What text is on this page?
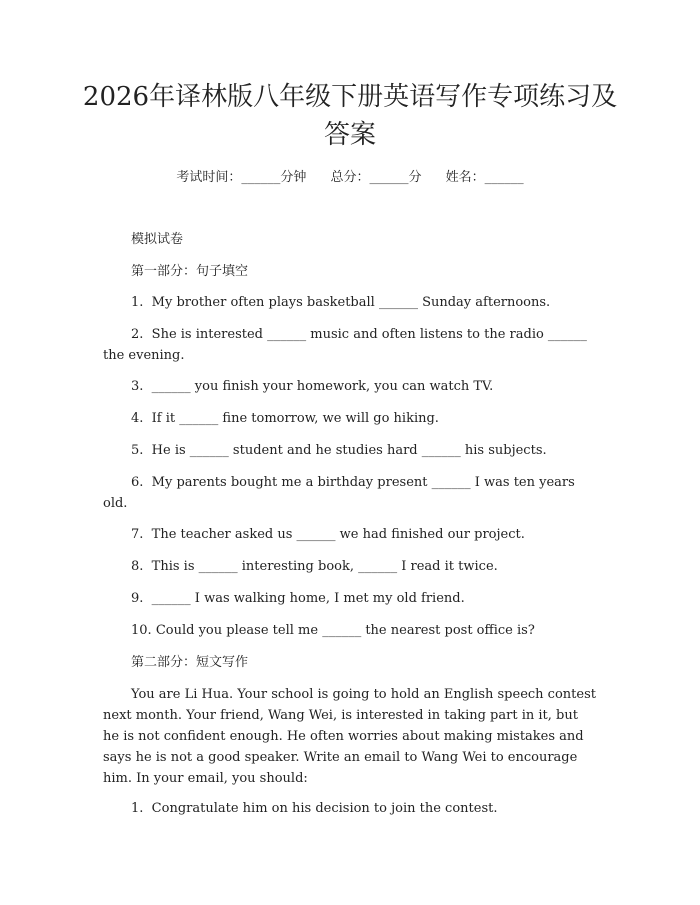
2026年译林版八年级下册英语写作专项练习及答案
考试时间：______分钟 总分：______分 姓名：______
模拟试卷
第一部分：句子填空
1. My brother often plays basketball ______ Sunday afternoons.
2. She is interested ______ music and often listens to the radio ______ the evening.
3. ______ you finish your homework, you can watch TV.
4. If it ______ fine tomorrow, we will go hiking.
5. He is ______ student and he studies hard ______ his subjects.
6. My parents bought me a birthday present ______ I was ten years old.
7. The teacher asked us ______ we had finished our project.
8. This is ______ interesting book, ______ I read it twice.
9. ______ I was walking home, I met my old friend.
10. Could you please tell me ______ the nearest post office is?
第二部分：短文写作
You are Li Hua. Your school is going to hold an English speech contest next month. Your friend, Wang Wei, is interested in taking part in it, but he is not confident enough. He often worries about making mistakes and says he is not a good speaker. Write an email to Wang Wei to encourage him. In your email, you should:
1. Congratulate him on his decision to join the contest.
